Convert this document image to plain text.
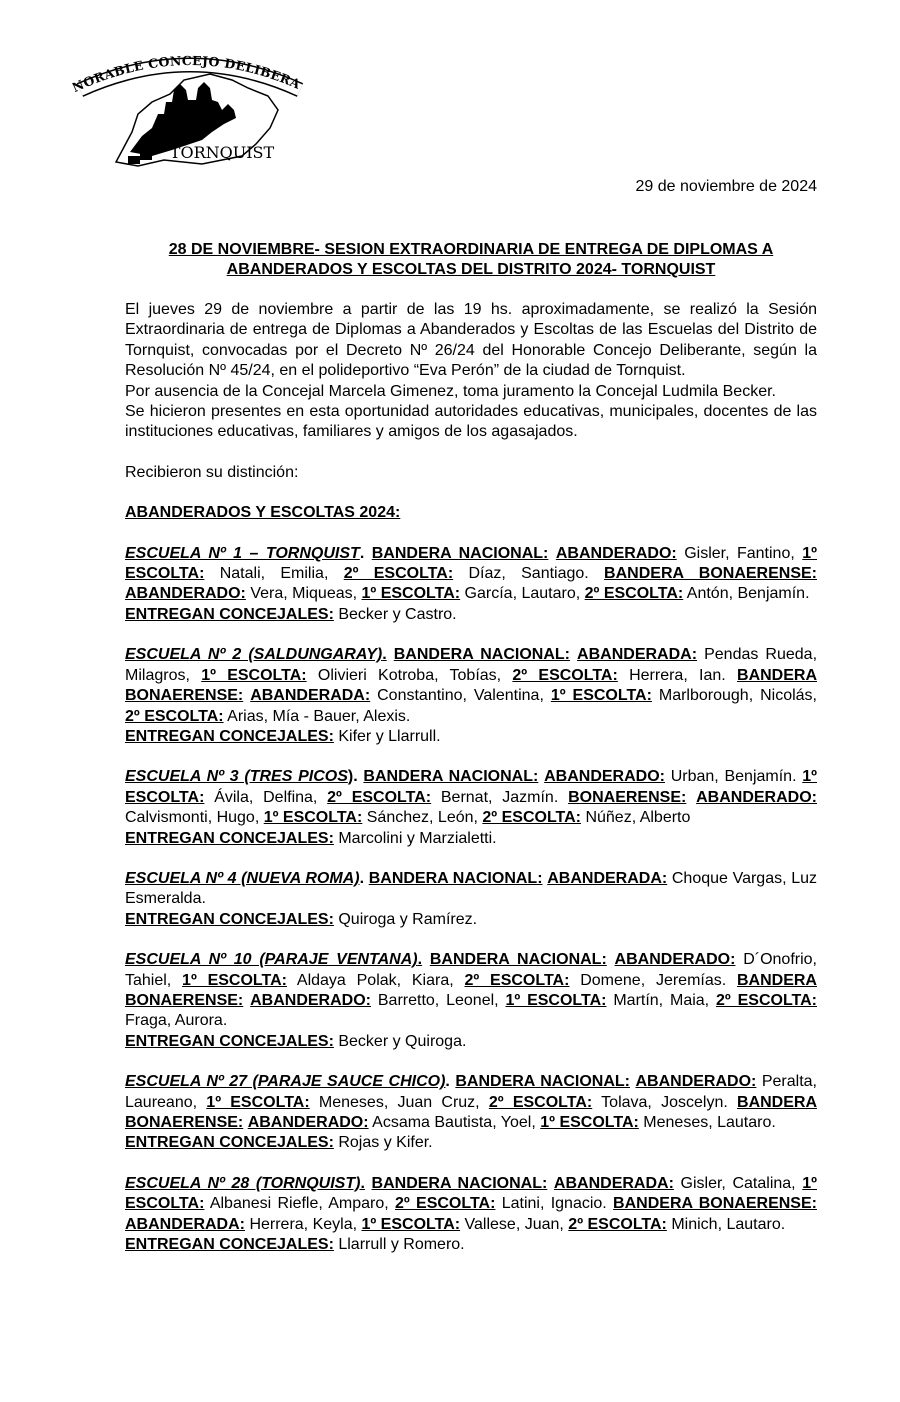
ORABLE CONCEJO DELIBERA
TORNQUIST
29 de noviembre de 2024
28 DE NOVIEMBRE- SESION EXTRAORDINARIA DE ENTREGA DE DIPLOMAS A
ABANDERADOS Y ESCOLTAS DEL DISTRITO 2024- TORNQUIST

El jueves 29 de noviembre a partir de las 19 hs. aproximadamente, se realizó la Sesión Extraordinaria de entrega de Diplomas a Abanderados y Escoltas de las Escuelas del Distrito de Tornquist, convocadas por el Decreto Nº 26/24 del Honorable Concejo Deliberante, según la Resolución Nº 45/24, en el polideportivo “Eva Perón” de la ciudad de Tornquist.

Por ausencia de la Concejal Marcela Gimenez, toma juramento la Concejal Ludmila Becker.

Se hicieron presentes en esta oportunidad autoridades educativas, municipales, docentes de las instituciones educativas, familiares y amigos de los agasajados.

Recibieron su distinción:

ABANDERADOS Y ESCOLTAS 2024:

ESCUELA Nº 1 – TORNQUIST. BANDERA NACIONAL: ABANDERADO: Gisler, Fantino, 1º ESCOLTA: Natali, Emilia, 2º ESCOLTA: Díaz, Santiago. BANDERA BONAERENSE: ABANDERADO: Vera, Miqueas, 1º ESCOLTA: García, Lautaro, 2º ESCOLTA: Antón, Benjamín.

ENTREGAN CONCEJALES: Becker y Castro.

ESCUELA Nº 2 (SALDUNGARAY). BANDERA NACIONAL: ABANDERADA: Pendas Rueda, Milagros, 1º ESCOLTA: Olivieri Kotroba, Tobías, 2º ESCOLTA: Herrera, Ian. BANDERA BONAERENSE: ABANDERADA: Constantino, Valentina, 1º ESCOLTA: Marlborough, Nicolás, 2º ESCOLTA: Arias, Mía - Bauer, Alexis.

ENTREGAN CONCEJALES: Kifer y Llarrull.

ESCUELA Nº 3 (TRES PICOS). BANDERA NACIONAL: ABANDERADO: Urban, Benjamín. 1º ESCOLTA: Ávila, Delfina, 2º ESCOLTA: Bernat, Jazmín. BONAERENSE: ABANDERADO: Calvismonti, Hugo, 1º ESCOLTA: Sánchez, León, 2º ESCOLTA: Núñez, Alberto

ENTREGAN CONCEJALES: Marcolini y Marzialetti.

ESCUELA Nº 4 (NUEVA ROMA). BANDERA NACIONAL: ABANDERADA: Choque Vargas, Luz Esmeralda.

ENTREGAN CONCEJALES: Quiroga y Ramírez.

ESCUELA Nº 10 (PARAJE VENTANA). BANDERA NACIONAL: ABANDERADO: D´Onofrio, Tahiel, 1º ESCOLTA: Aldaya Polak, Kiara, 2º ESCOLTA: Domene, Jeremías. BANDERA BONAERENSE: ABANDERADO: Barretto, Leonel, 1º ESCOLTA: Martín, Maia, 2º ESCOLTA: Fraga, Aurora.

ENTREGAN CONCEJALES: Becker y Quiroga.

ESCUELA Nº 27 (PARAJE SAUCE CHICO). BANDERA NACIONAL: ABANDERADO: Peralta, Laureano, 1º ESCOLTA: Meneses, Juan Cruz, 2º ESCOLTA: Tolava, Joscelyn. BANDERA BONAERENSE: ABANDERADO: Acsama Bautista, Yoel, 1º ESCOLTA: Meneses, Lautaro.

ENTREGAN CONCEJALES: Rojas y Kifer.

ESCUELA Nº 28 (TORNQUIST). BANDERA NACIONAL: ABANDERADA: Gisler, Catalina, 1º ESCOLTA: Albanesi Riefle, Amparo, 2º ESCOLTA: Latini, Ignacio. BANDERA BONAERENSE: ABANDERADA: Herrera, Keyla, 1º ESCOLTA: Vallese, Juan, 2º ESCOLTA: Minich, Lautaro.

ENTREGAN CONCEJALES: Llarrull y Romero.
